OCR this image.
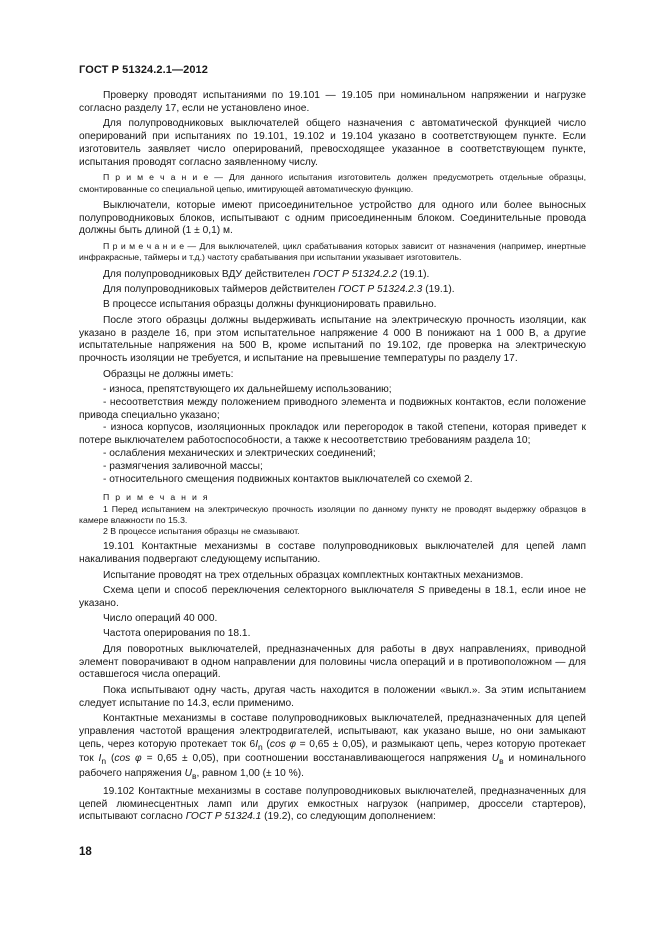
ГОСТ Р 51324.2.1—2012

Проверку проводят испытаниями по 19.101 — 19.105 при номинальном напряжении и нагрузке согласно разделу 17, если не установлено иное.

Для полупроводниковых выключателей общего назначения с автоматической функцией число оперирований при испытаниях по 19.101, 19.102 и 19.104 указано в соответствующем пункте. Если изготовитель заявляет число оперирований, превосходящее указанное в соответствующем пункте, испытания проводят согласно заявленному числу.

П р и м е ч а н и е — Для данного испытания изготовитель должен предусмотреть отдельные образцы, смонтированные со специальной цепью, имитирующей автоматическую функцию.

Выключатели, которые имеют присоединительное устройство для одного или более выносных полупроводниковых блоков, испытывают с одним присоединенным блоком. Соединительные провода должны быть длиной (1 ± 0,1) м.

П р и м е ч а н и е — Для выключателей, цикл срабатывания которых зависит от назначения (например, инертные инфракрасные, таймеры и т.д.) частоту срабатывания при испытании указывает изготовитель.

Для полупроводниковых ВДУ действителен ГОСТ Р 51324.2.2 (19.1).

Для полупроводниковых таймеров действителен ГОСТ Р 51324.2.3 (19.1).

В процессе испытания образцы должны функционировать правильно.

После этого образцы должны выдерживать испытание на электрическую прочность изоляции, как указано в разделе 16, при этом испытательное напряжение 4 000 В понижают на 1 000 В, а другие испытательные напряжения на 500 В, кроме испытаний по 19.102, где проверка на электрическую прочность изоляции не требуется, и испытание на превышение температуры по разделу 17.

Образцы не должны иметь:

- износа, препятствующего их дальнейшему использованию;

- несоответствия между положением приводного элемента и подвижных контактов, если положение привода специально указано;

- износа корпусов, изоляционных прокладок или перегородок в такой степени, которая приведет к потере выключателем работоспособности, а также к несоответствию требованиям раздела 10;

- ослабления механических и электрических соединений;

- размягчения заливочной массы;

- относительного смещения подвижных контактов выключателей со схемой 2.

П р и м е ч а н и я

1 Перед испытанием на электрическую прочность изоляции по данному пункту не проводят выдержку образцов в камере влажности по 15.3.

2 В процессе испытания образцы не смазывают.

19.101 Контактные механизмы в составе полупроводниковых выключателей для цепей ламп накаливания подвергают следующему испытанию.

Испытание проводят на трех отдельных образцах комплектных контактных механизмов.

Схема цепи и способ переключения селекторного выключателя S приведены в 18.1, если иное не указано.

Число операций 40 000.

Частота оперирования по 18.1.

Для поворотных выключателей, предназначенных для работы в двух направлениях, приводной элемент поворачивают в одном направлении для половины числа операций и в противоположном — для оставшегося числа операций.

Пока испытывают одну часть, другая часть находится в положении «выкл.». За этим испытанием следует испытание по 14.3, если применимо.

Контактные механизмы в составе полупроводниковых выключателей, предназначенных для цепей управления частотой вращения электродвигателей, испытывают, как указано выше, но они замыкают цепь, через которую протекает ток $6I_n$ (cos φ = 0,65 ± 0,05), и размыкают цепь, через которую протекает ток $I_n$ (cos φ = 0,65 ± 0,05), при соотношении восстанавливающегося напряжения $U_в$ и номинального рабочего напряжения $U_в$, равном 1,00 (± 10 %).

19.102 Контактные механизмы в составе полупроводниковых выключателей, предназначенных для цепей люминесцентных ламп или других емкостных нагрузок (например, дроссели стартеров), испытывают согласно ГОСТ Р 51324.1 (19.2), со следующим дополнением:

18
